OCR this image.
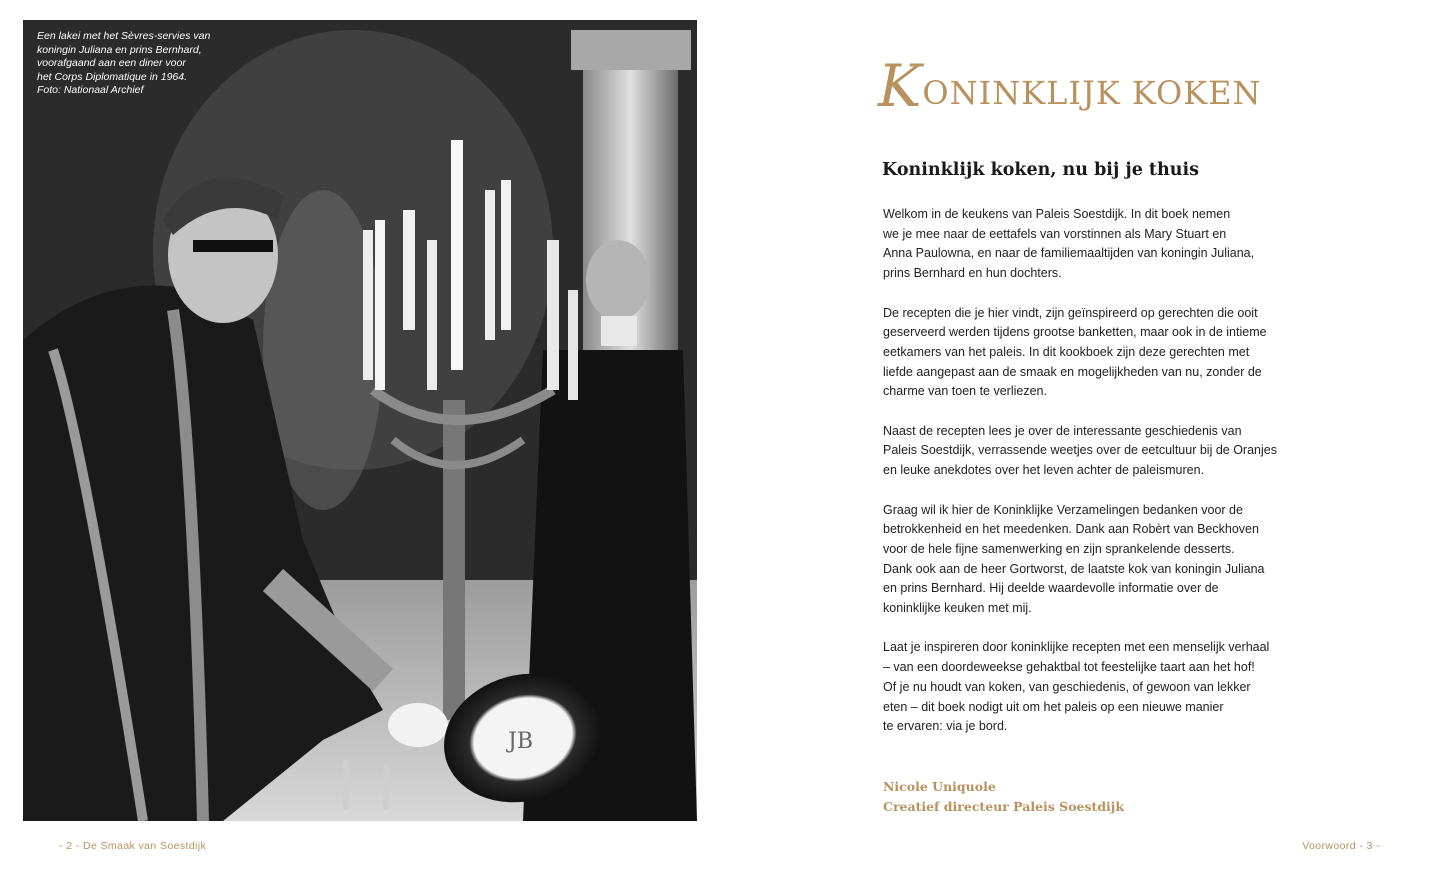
JB
Een lakei met het Sèvres-servies van
koningin Juliana en prins Bernhard,
voorafgaand aan een diner voor
het Corps Diplomatique in 1964.
Foto: Nationaal Archief
- 2 - De Smaak van Soestdijk
KONINKLIJK KOKEN
Koninklijk koken, nu bij je thuis

Welkom in de keukens van Paleis Soestdijk. In dit boek nemen
we je mee naar de eettafels van vorstinnen als Mary Stuart en
Anna Paulowna, en naar de familiemaaltijden van koningin Juliana,
prins Bernhard en hun dochters.

De recepten die je hier vindt, zijn geïnspireerd op gerechten die ooit
geserveerd werden tijdens grootse banketten, maar ook in de intieme
eetkamers van het paleis. In dit kookboek zijn deze gerechten met
liefde aangepast aan de smaak en mogelijkheden van nu, zonder de
charme van toen te verliezen.

Naast de recepten lees je over de interessante geschiedenis van
Paleis Soestdijk, verrassende weetjes over de eetcultuur bij de Oranjes
en leuke anekdotes over het leven achter de paleismuren.

Graag wil ik hier de Koninklijke Verzamelingen bedanken voor de
betrokkenheid en het meedenken. Dank aan Robèrt van Beckhoven
voor de hele fijne samenwerking en zijn sprankelende desserts.
Dank ook aan de heer Gortworst, de laatste kok van koningin Juliana
en prins Bernhard. Hij deelde waardevolle informatie over de
koninklijke keuken met mij.

Laat je inspireren door koninklijke recepten met een menselijk verhaal
– van een doordeweekse gehaktbal tot feestelijke taart aan het hof!
Of je nu houdt van koken, van geschiedenis, of gewoon van lekker
eten – dit boek nodigt uit om het paleis op een nieuwe manier
te ervaren: via je bord.

Nicole Uniquole
Creatief directeur Paleis Soestdijk
Voorwoord - 3 -
